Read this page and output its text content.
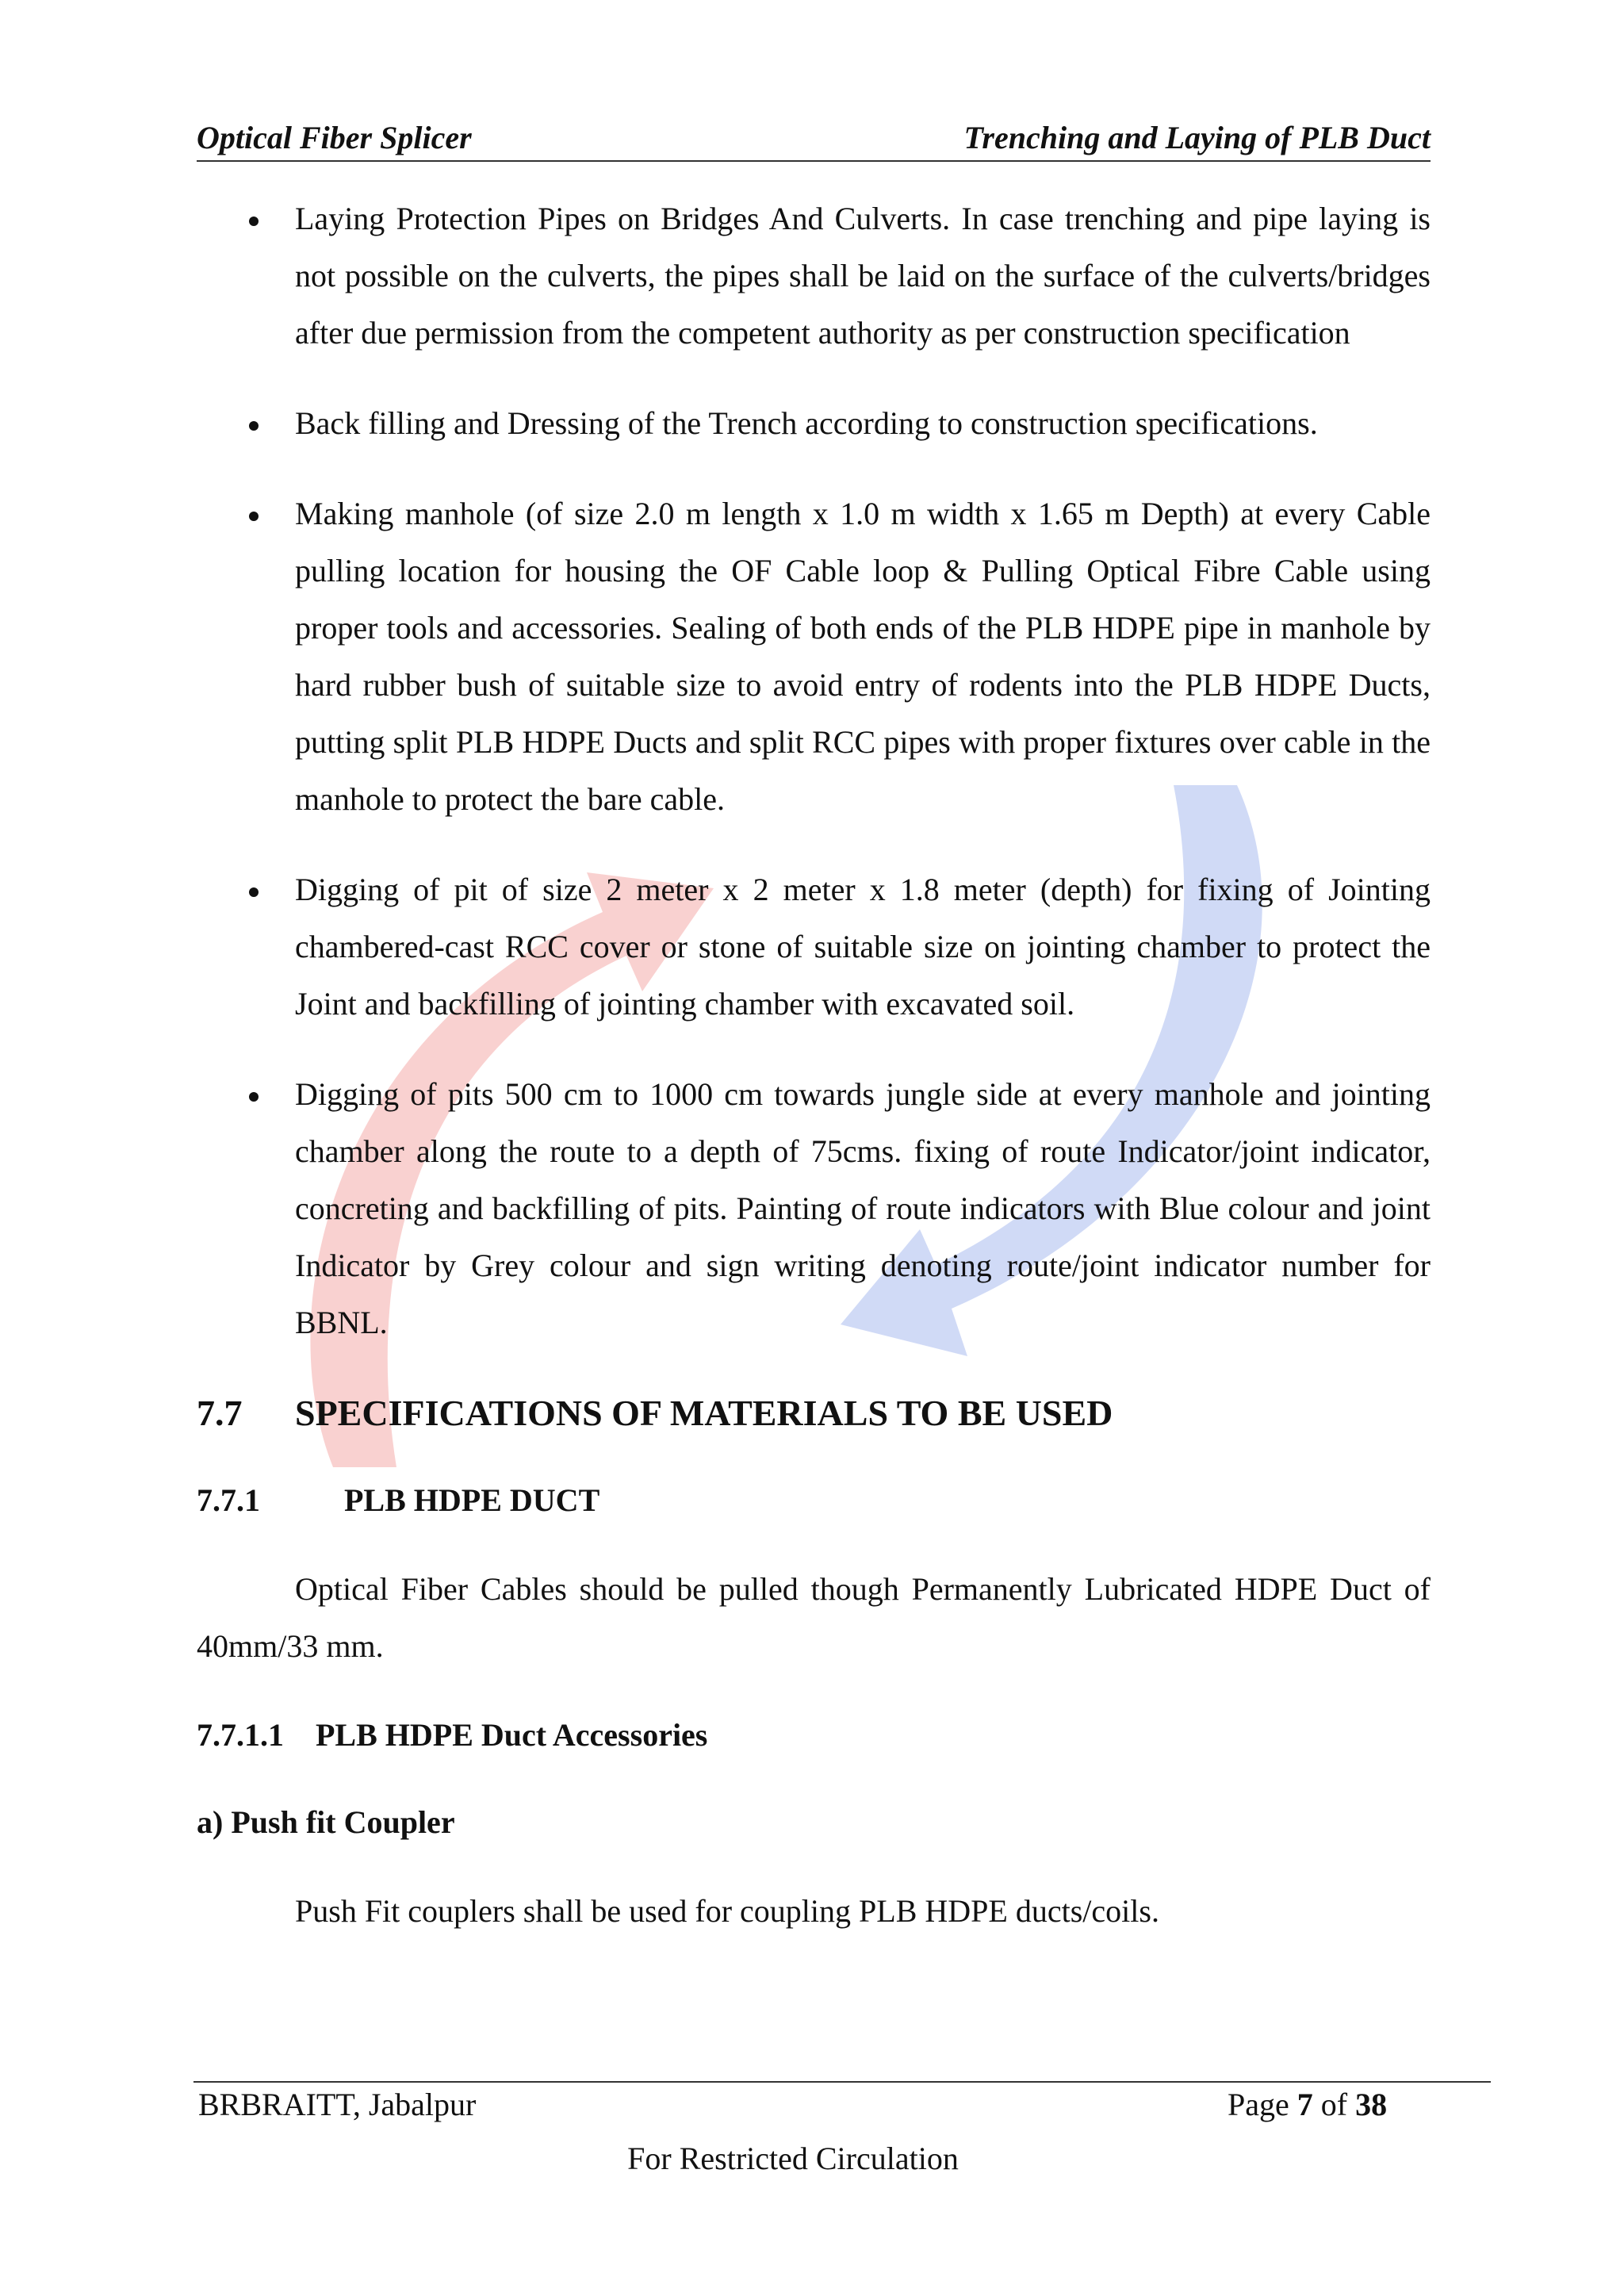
Optical Fiber Splicer	Trenching and Laying of PLB Duct
Laying Protection Pipes on Bridges And Culverts. In case trenching and pipe laying is not possible on the culverts, the pipes shall be laid on the surface of the culverts/bridges after due permission from the competent authority as per construction specification
Back filling and Dressing of the Trench according to construction specifications.
Making manhole (of size 2.0 m length x 1.0 m width x 1.65 m Depth) at every Cable pulling location for housing the OF Cable loop & Pulling Optical Fibre Cable using proper tools and accessories. Sealing of both ends of the PLB HDPE pipe in manhole by hard rubber bush of suitable size to avoid entry of rodents into the PLB HDPE Ducts, putting split PLB HDPE Ducts and split RCC pipes with proper fixtures over cable in the manhole to protect the bare cable.
Digging of pit of size 2 meter x 2 meter x 1.8 meter (depth) for fixing of Jointing chambered-cast RCC cover or stone of suitable size on jointing chamber to protect the Joint and backfilling of jointing chamber with excavated soil.
Digging of pits 500 cm to 1000 cm towards jungle side at every manhole and jointing chamber along the route to a depth of 75cms. fixing of route Indicator/joint indicator, concreting and backfilling of pits. Painting of route indicators with Blue colour and joint Indicator by Grey colour and sign writing denoting route/joint indicator number for BBNL.
7.7	SPECIFICATIONS OF MATERIALS TO BE USED
7.7.1	PLB HDPE DUCT

Optical Fiber Cables should be pulled though Permanently Lubricated HDPE Duct of 40mm/33 mm.

7.7.1.1	PLB HDPE Duct Accessories
a) Push fit Coupler

Push Fit couplers shall be used for coupling PLB HDPE ducts/coils.

BRBRAITT, Jabalpur	Page 7 of 38
For Restricted Circulation
